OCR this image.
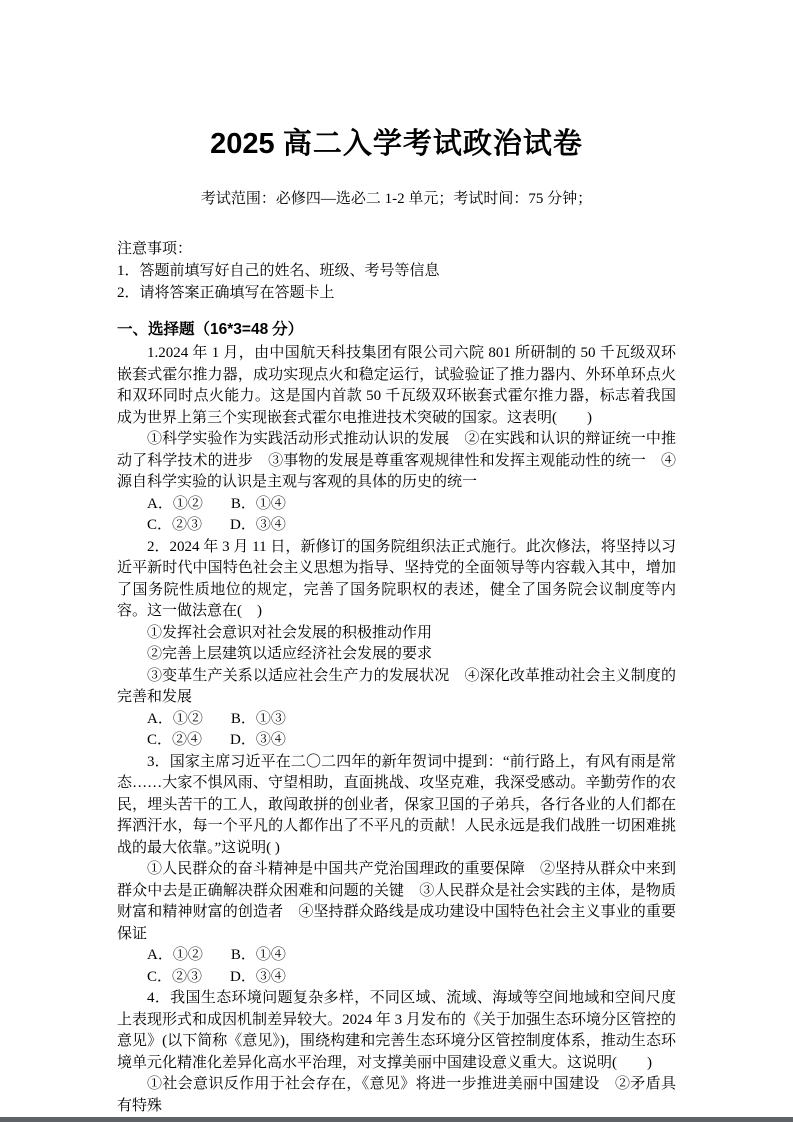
2025 高二入学考试政治试卷

考试范围：必修四—选必二 1-2 单元；考试时间：75 分钟；

注意事项：

1．答题前填写好自己的姓名、班级、考号等信息

2．请将答案正确填写在答题卡上

一、选择题（16*3=48 分）

1.2024 年 1 月，由中国航天科技集团有限公司六院 801 所研制的 50 千瓦级双环嵌套式霍尔推力器，成功实现点火和稳定运行，试验验证了推力器内、外环单环点火和双环同时点火能力。这是国内首款 50 千瓦级双环嵌套式霍尔推力器，标志着我国成为世界上第三个实现嵌套式霍尔电推进技术突破的国家。这表明(　　)

①科学实验作为实践活动形式推动认识的发展　②在实践和认识的辩证统一中推动了科学技术的进步　③事物的发展是尊重客观规律性和发挥主观能动性的统一　④源自科学实验的认识是主观与客观的具体的历史的统一

A．①② B．①④

C．②③ D．③④

2．2024 年 3 月 11 日，新修订的国务院组织法正式施行。此次修法，将坚持以习近平新时代中国特色社会主义思想为指导、坚持党的全面领导等内容载入其中，增加了国务院性质地位的规定，完善了国务院职权的表述，健全了国务院会议制度等内容。这一做法意在(　)

①发挥社会意识对社会发展的积极推动作用

②完善上层建筑以适应经济社会发展的要求

③变革生产关系以适应社会生产力的发展状况　④深化改革推动社会主义制度的完善和发展

A．①② B．①③

C．②④ D．③④

3．国家主席习近平在二〇二四年的新年贺词中提到：“前行路上，有风有雨是常态……大家不惧风雨、守望相助，直面挑战、攻坚克难，我深受感动。辛勤劳作的农民，埋头苦干的工人，敢闯敢拼的创业者，保家卫国的子弟兵，各行各业的人们都在挥洒汗水，每一个平凡的人都作出了不平凡的贡献！人民永远是我们战胜一切困难挑战的最大依靠。”这说明( )

①人民群众的奋斗精神是中国共产党治国理政的重要保障　②坚持从群众中来到群众中去是正确解决群众困难和问题的关键　③人民群众是社会实践的主体，是物质财富和精神财富的创造者　④坚持群众路线是成功建设中国特色社会主义事业的重要保证

A．①② B．①④

C．②③ D．③④

4．我国生态环境问题复杂多样，不同区域、流域、海域等空间地域和空间尺度上表现形式和成因机制差异较大。2024 年 3 月发布的《关于加强生态环境分区管控的意见》(以下简称《意见》)，围绕构建和完善生态环境分区管控制度体系，推动生态环境单元化精准化差异化高水平治理，对支撑美丽中国建设意义重大。这说明(　　)

①社会意识反作用于社会存在，《意见》将进一步推进美丽中国建设　②矛盾具有特殊
